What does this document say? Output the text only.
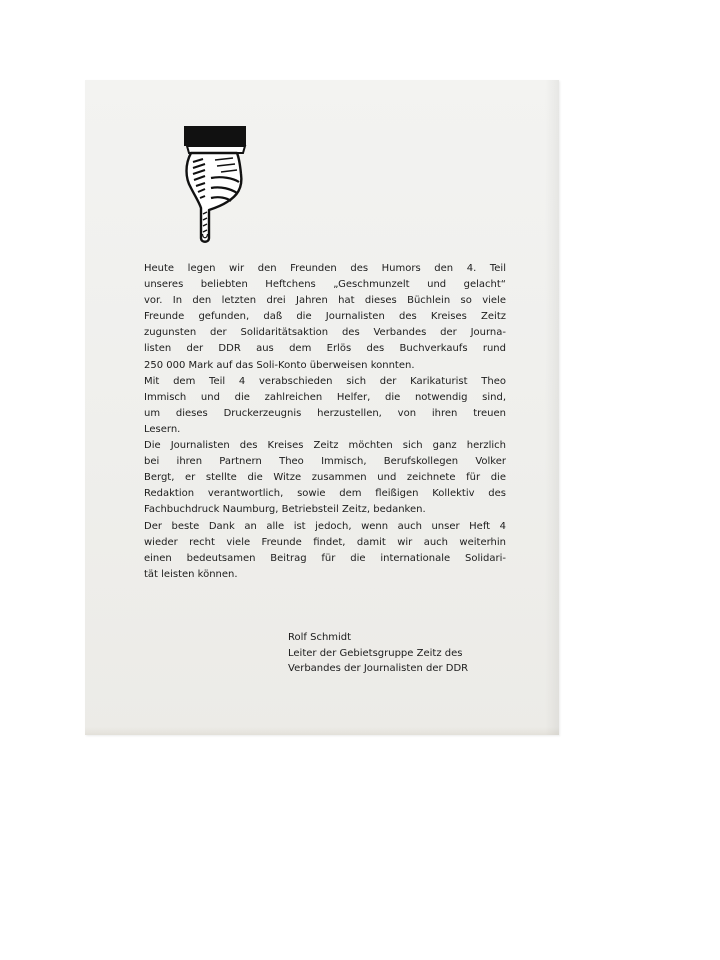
Heute legen wir den Freunden des Humors den 4. Teil
unseres beliebten Heftchens „Geschmunzelt und gelacht“
vor. In den letzten drei Jahren hat dieses Büchlein so viele
Freunde gefunden, daß die Journalisten des Kreises Zeitz
zugunsten der Solidaritätsaktion des Verbandes der Journa-
listen der DDR aus dem Erlös des Buchverkaufs rund
250 000 Mark auf das Soli-Konto überweisen konnten.

Mit dem Teil 4 verabschieden sich der Karikaturist Theo
Immisch und die zahlreichen Helfer, die notwendig sind,
um dieses Druckerzeugnis herzustellen, von ihren treuen
Lesern.

Die Journalisten des Kreises Zeitz möchten sich ganz herzlich
bei ihren Partnern Theo Immisch, Berufskollegen Volker
Bergt, er stellte die Witze zusammen und zeichnete für die
Redaktion verantwortlich, sowie dem fleißigen Kollektiv des
Fachbuchdruck Naumburg, Betriebsteil Zeitz, bedanken.

Der beste Dank an alle ist jedoch, wenn auch unser Heft 4
wieder recht viele Freunde findet, damit wir auch weiterhin
einen bedeutsamen Beitrag für die internationale Solidari-
tät leisten können.

Rolf Schmidt
Leiter der Gebietsgruppe Zeitz des
Verbandes der Journalisten der DDR
